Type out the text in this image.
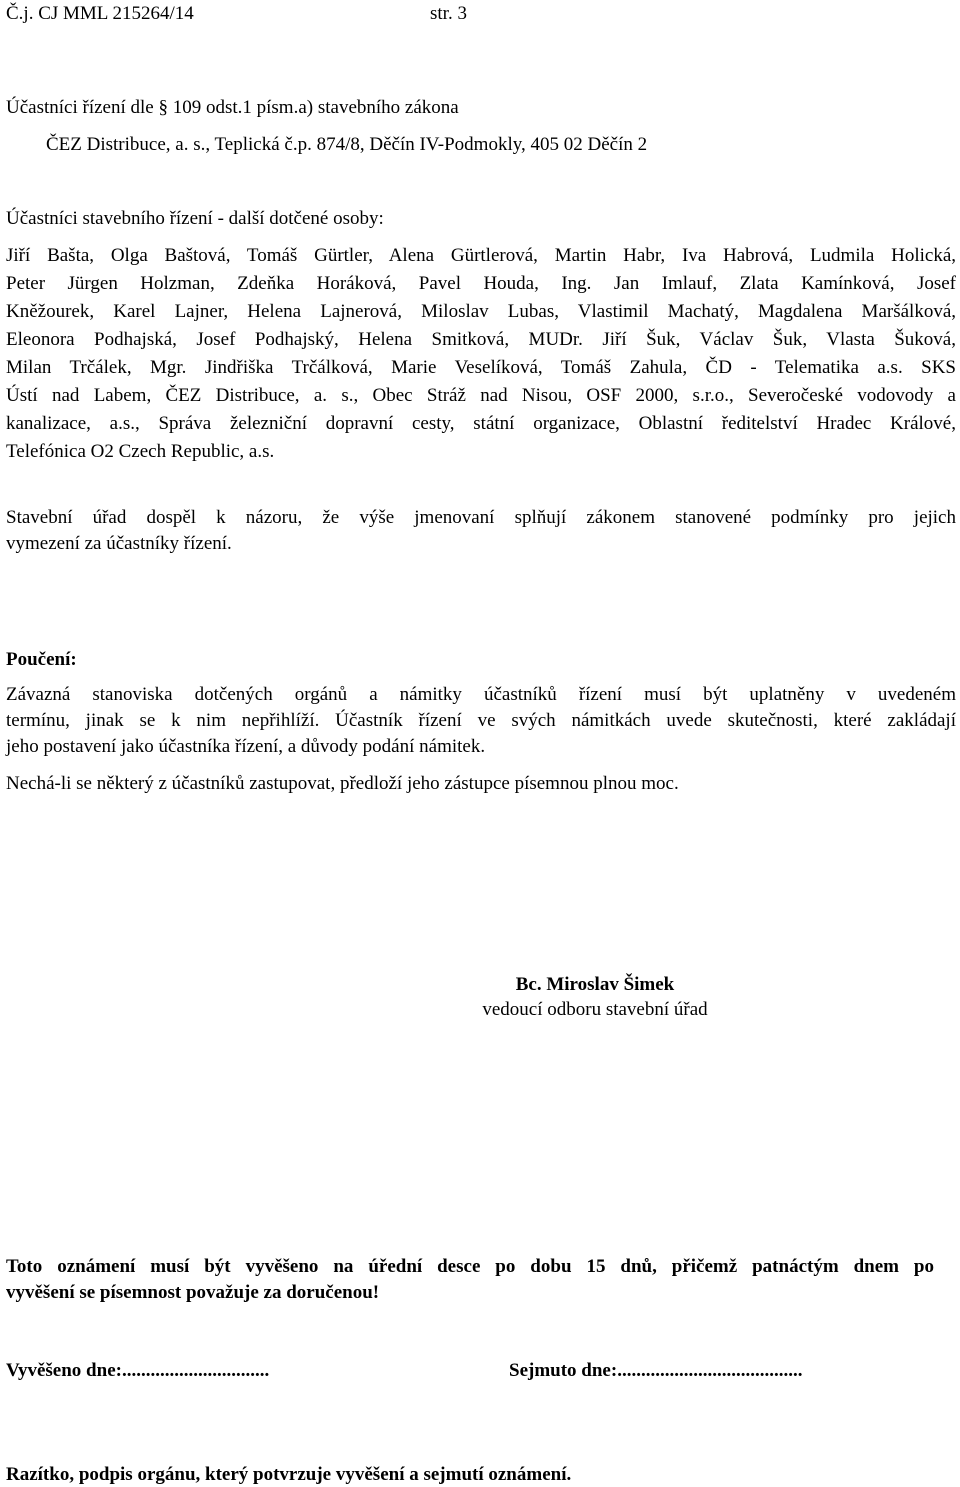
Č.j. CJ MML 215264/14	str. 3
Účastníci řízení dle § 109 odst.1 písm.a) stavebního zákona
ČEZ Distribuce, a. s., Teplická č.p. 874/8, Děčín IV-Podmokly, 405 02 Děčín 2
Účastníci stavebního řízení - další dotčené osoby:
Jiří Bašta, Olga Baštová, Tomáš Gürtler, Alena Gürtlerová, Martin Habr, Iva Habrová, Ludmila Holická,
Peter Jürgen Holzman, Zdeňka Horáková, Pavel Houda, Ing. Jan Imlauf, Zlata Kamínková, Josef
Kněžourek, Karel Lajner, Helena Lajnerová, Miloslav Lubas, Vlastimil Machatý, Magdalena Maršálková,
Eleonora Podhajská, Josef Podhajský, Helena Smitková, MUDr. Jiří Šuk, Václav Šuk, Vlasta Šuková,
Milan Trčálek, Mgr. Jindřiška Trčálková, Marie Veselíková, Tomáš Zahula, ČD - Telematika a.s. SKS
Ústí nad Labem, ČEZ Distribuce, a. s., Obec Stráž nad Nisou, OSF 2000, s.r.o., Severočeské vodovody a
kanalizace, a.s., Správa železniční dopravní cesty, státní organizace, Oblastní ředitelství Hradec Králové,
Telefónica O2 Czech Republic, a.s.
Stavební úřad dospěl k názoru, že výše jmenovaní splňují zákonem stanovené podmínky pro jejich
vymezení za účastníky řízení.
Poučení:
Závazná stanoviska dotčených orgánů a námitky účastníků řízení musí být uplatněny v uvedeném
termínu, jinak se k nim nepřihlíží. Účastník řízení ve svých námitkách uvede skutečnosti, které zakládají
jeho postavení jako účastníka řízení, a důvody podání námitek.
Nechá-li se některý z účastníků zastupovat, předloží jeho zástupce písemnou plnou moc.
Bc. Miroslav Šimek
vedoucí odboru stavební úřad
Toto oznámení musí být vyvěšeno na úřední desce po dobu 15 dnů, přičemž patnáctým dnem po
vyvěšení se písemnost považuje za doručenou!
Vyvěšeno dne:...............................	Sejmuto dne:.......................................
Razítko, podpis orgánu, který potvrzuje vyvěšení a sejmutí oznámení.
